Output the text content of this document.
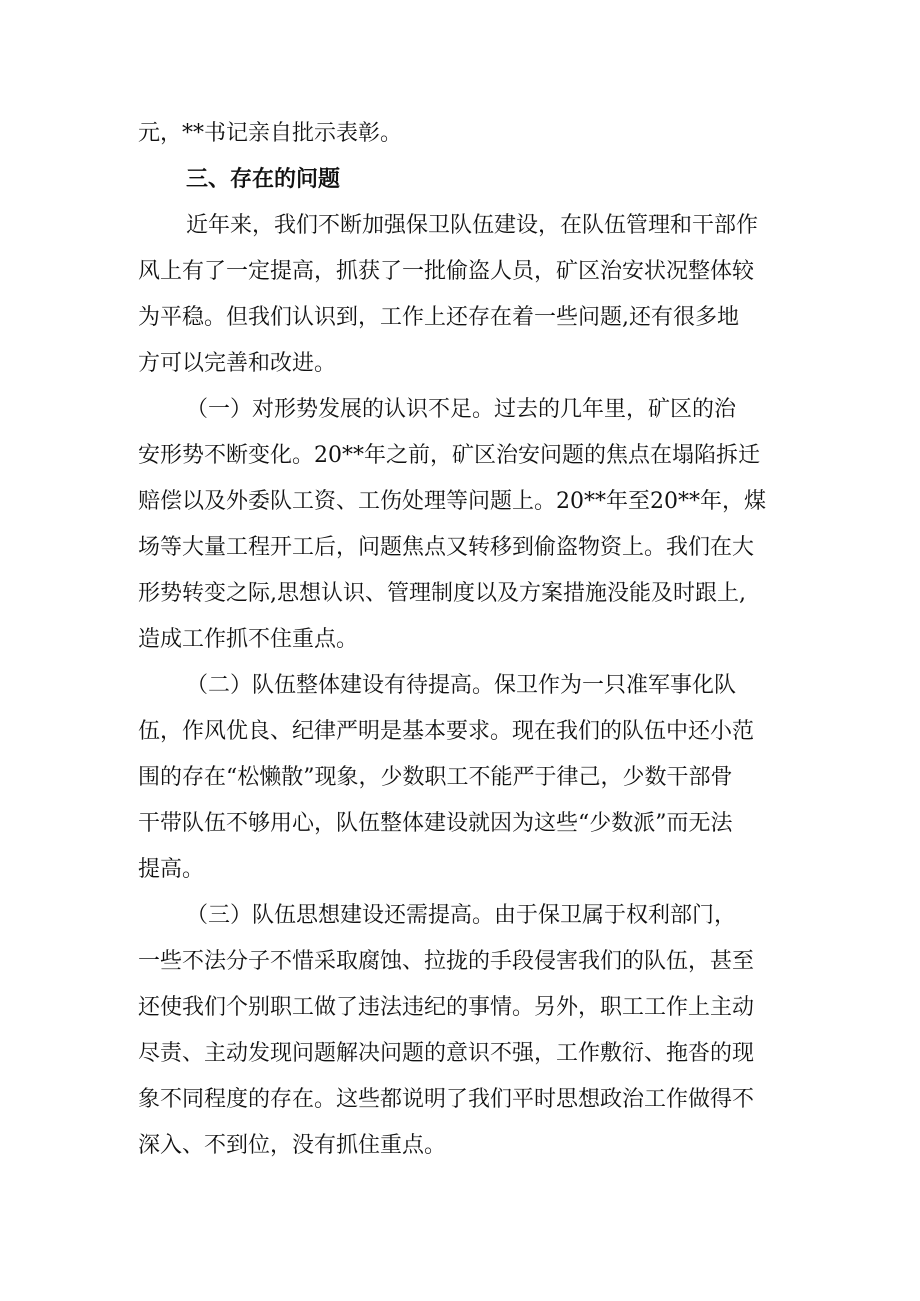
元，**书记亲自批示表彰。
三、存在的问题
近年来，我们不断加强保卫队伍建设，在队伍管理和干部作
风上有了一定提高，抓获了一批偷盗人员，矿区治安状况整体较
为平稳。但我们认识到，工作上还存在着一些问题,还有很多地
方可以完善和改进。
（一）对形势发展的认识不足。过去的几年里，矿区的治
安形势不断变化。20**年之前，矿区治安问题的焦点在塌陷拆迁
赔偿以及外委队工资、工伤处理等问题上。20**年至20**年，煤
场等大量工程开工后，问题焦点又转移到偷盗物资上。我们在大
形势转变之际,思想认识、管理制度以及方案措施没能及时跟上,
造成工作抓不住重点。
（二）队伍整体建设有待提高。保卫作为一只准军事化队
伍，作风优良、纪律严明是基本要求。现在我们的队伍中还小范
围的存在“松懒散”现象，少数职工不能严于律己，少数干部骨
干带队伍不够用心，队伍整体建设就因为这些“少数派”而无法
提高。
（三）队伍思想建设还需提高。由于保卫属于权利部门，
一些不法分子不惜采取腐蚀、拉拢的手段侵害我们的队伍，甚至
还使我们个别职工做了违法违纪的事情。另外，职工工作上主动
尽责、主动发现问题解决问题的意识不强，工作敷衍、拖沓的现
象不同程度的存在。这些都说明了我们平时思想政治工作做得不
深入、不到位，没有抓住重点。
